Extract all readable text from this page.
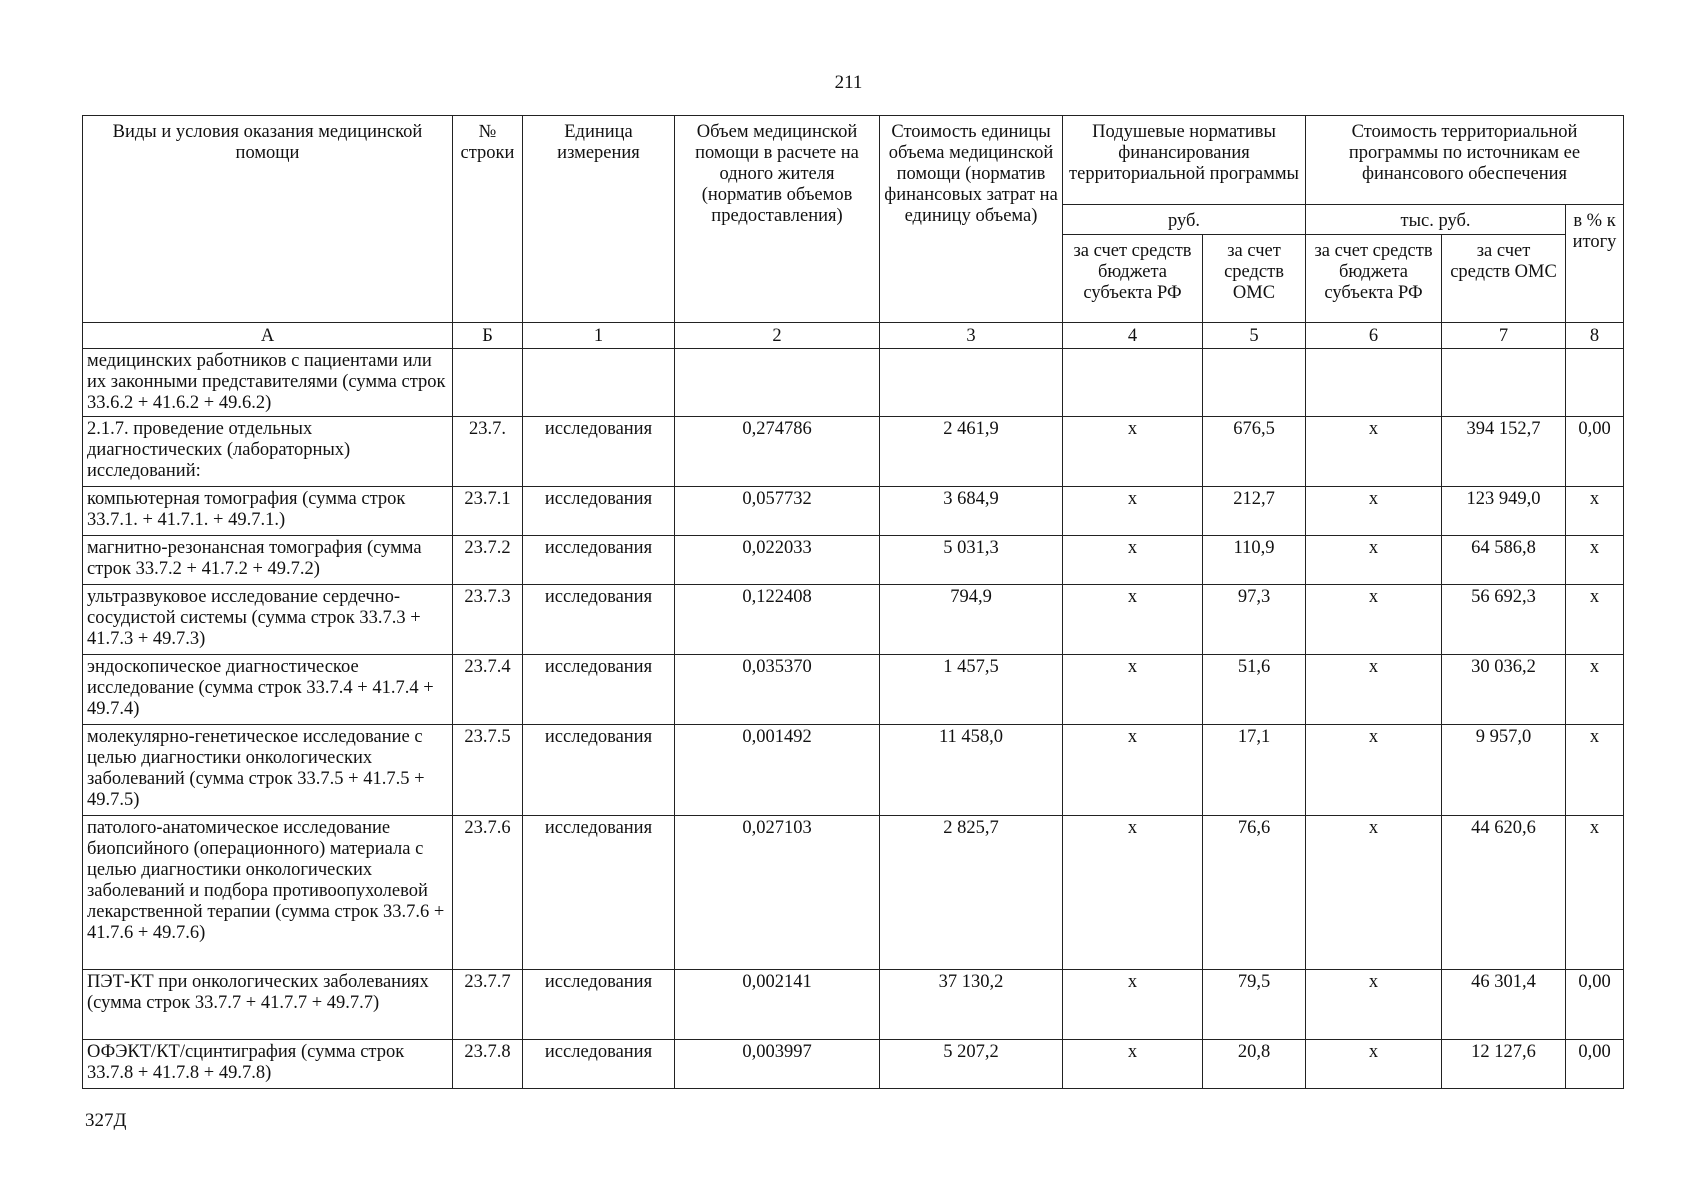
211
Виды и условия оказания медицинской помощи	№ строки	Единица измерения	Объем медицинской помощи в расчете на одного жителя (норматив объемов предоставления)	Стоимость единицы объема медицинской помощи (норматив финансовых затрат на единицу объема)	Подушевые нормативы финансирования территориальной программы		Стоимость территориальной программы по источникам ее финансового обеспечения		
					руб.		тыс. руб.		в % к итогу
					за счет средств бюджета субъекта РФ	за счет средств ОМС	за счет средств бюджета субъекта РФ	за счет средств ОМС	
А	Б	1	2	3	4	5	6	7	8
медицинских работников с пациентами или их законными представителями (сумма строк 33.6.2 + 41.6.2 + 49.6.2)									
2.1.7. проведение отдельных диагностических (лабораторных) исследований:	23.7.	исследования	0,274786	2 461,9	х	676,5	х	394 152,7	0,00
компьютерная томография (сумма строк 33.7.1. + 41.7.1. + 49.7.1.)	23.7.1	исследования	0,057732	3 684,9	х	212,7	х	123 949,0	х
магнитно-резонансная томография (сумма строк 33.7.2 + 41.7.2 + 49.7.2)	23.7.2	исследования	0,022033	5 031,3	х	110,9	х	64 586,8	х
ультразвуковое исследование сердечно-сосудистой системы (сумма строк 33.7.3 + 41.7.3 + 49.7.3)	23.7.3	исследования	0,122408	794,9	х	97,3	х	56 692,3	х
эндоскопическое диагностическое исследование (сумма строк 33.7.4 + 41.7.4 + 49.7.4)	23.7.4	исследования	0,035370	1 457,5	х	51,6	х	30 036,2	х
молекулярно-генетическое исследование с целью диагностики онкологических заболеваний (сумма строк 33.7.5 + 41.7.5 + 49.7.5)	23.7.5	исследования	0,001492	11 458,0	х	17,1	х	9 957,0	х
патолого-анатомическое исследование биопсийного (операционного) материала с целью диагностики онкологических заболеваний и подбора противоопухолевой лекарственной терапии (сумма строк 33.7.6 + 41.7.6 + 49.7.6)	23.7.6	исследования	0,027103	2 825,7	х	76,6	х	44 620,6	х
ПЭТ-КТ при онкологических заболеваниях (сумма строк 33.7.7 + 41.7.7 + 49.7.7)	23.7.7	исследования	0,002141	37 130,2	х	79,5	х	46 301,4	0,00
ОФЭКТ/КТ/сцинтиграфия (сумма строк 33.7.8 + 41.7.8 + 49.7.8)	23.7.8	исследования	0,003997	5 207,2	х	20,8	х	12 127,6	0,00
327Д
